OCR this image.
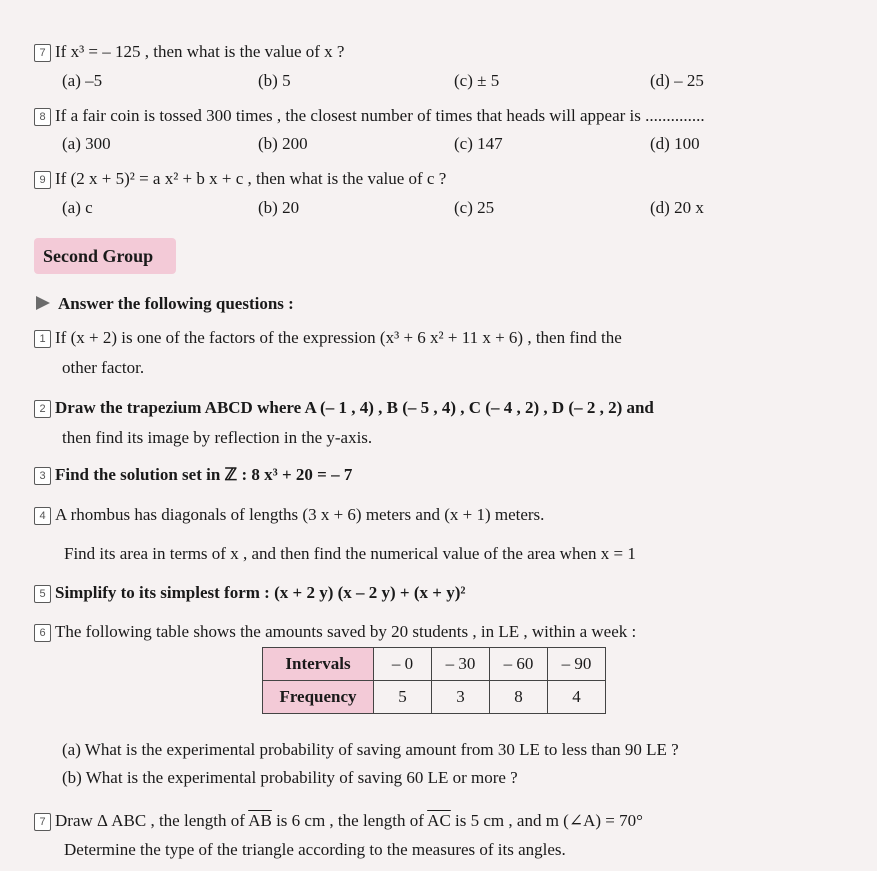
7 If x³ = – 125 , then what is the value of x ?
(a) –5	(b) 5	(c) ± 5	(d) – 25
8 If a fair coin is tossed 300 times , the closest number of times that heads will appear is ..............
(a) 300	(b) 200	(c) 147	(d) 100
9 If (2 x + 5)² = a x² + b x + c , then what is the value of c ?
(a) c	(b) 20	(c) 25	(d) 20 x
Second Group
Answer the following questions :
1 If (x + 2) is one of the factors of the expression (x³ + 6 x² + 11 x + 6) , then find the
other factor.
2 Draw the trapezium ABCD where A (– 1 , 4) , B (– 5 , 4) , C (– 4 , 2) , D (– 2 , 2) and
then find its image by reflection in the y-axis.
3 Find the solution set in ℤ : 8 x³ + 20 = – 7
4 A rhombus has diagonals of lengths (3 x + 6) meters and (x + 1) meters.
Find its area in terms of x , and then find the numerical value of the area when x = 1
5 Simplify to its simplest form : (x + 2 y) (x – 2 y) + (x + y)²
6 The following table shows the amounts saved by 20 students , in LE , within a week :
Intervals	– 0	– 30	– 60	– 90
Frequency	5	3	8	4
(a) What is the experimental probability of saving amount from 30 LE to less than 90 LE ?
(b) What is the experimental probability of saving 60 LE or more ?
7 Draw Δ ABC , the length of $\overline{AB}$ is 6 cm , the length of $\overline{AC}$ is 5 cm , and m (∠A) = 70°
Determine the type of the triangle according to the measures of its angles.
